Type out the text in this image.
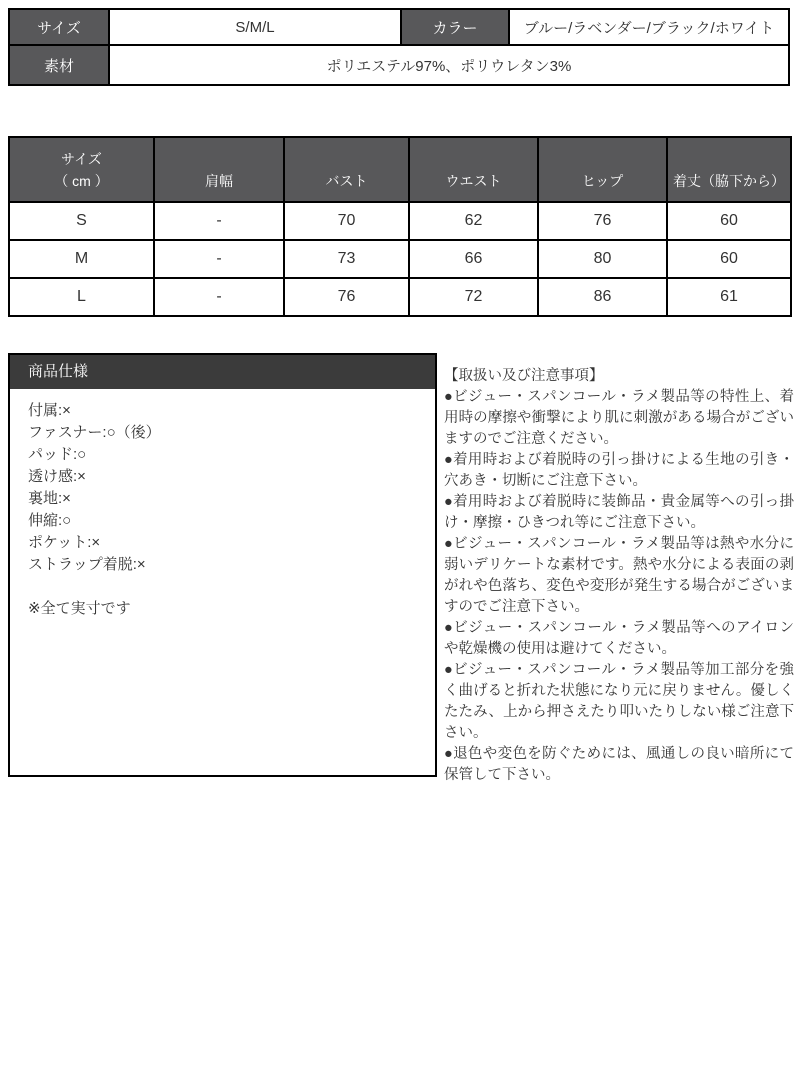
サイズ	S/M/L	カラー	ブルー/ラベンダー/ブラック/ホワイト
素材	ポリエステル97%、ポリウレタン3%		
サイズ
（ cm ）	肩幅	バスト	ウエスト	ヒップ	着丈（脇下から）
S	-	70	62	76	60
M	-	73	66	80	60
L	-	76	72	86	61
商品仕様
付属:×
ファスナー:○（後）
パッド:○
透け感:×
裏地:×
伸縮:○
ポケット:×
ストラップ着脱:×
※全て実寸です
【取扱い及び注意事項】

●ビジュー・スパンコール・ラメ製品等の特性上、着用時の摩擦や衝撃により肌に刺激がある場合がございますのでご注意ください。

●着用時および着脱時の引っ掛けによる生地の引き・穴あき・切断にご注意下さい。

●着用時および着脱時に装飾品・貴金属等への引っ掛け・摩擦・ひきつれ等にご注意下さい。

●ビジュー・スパンコール・ラメ製品等は熱や水分に弱いデリケートな素材です。熱や水分による表面の剥がれや色落ち、変色や変形が発生する場合がございますのでご注意下さい。

●ビジュー・スパンコール・ラメ製品等へのアイロンや乾燥機の使用は避けてください。

●ビジュー・スパンコール・ラメ製品等加工部分を強く曲げると折れた状態になり元に戻りません。優しくたたみ、上から押さえたり叩いたりしない様ご注意下さい。

●退色や変色を防ぐためには、風通しの良い暗所にて保管して下さい。
